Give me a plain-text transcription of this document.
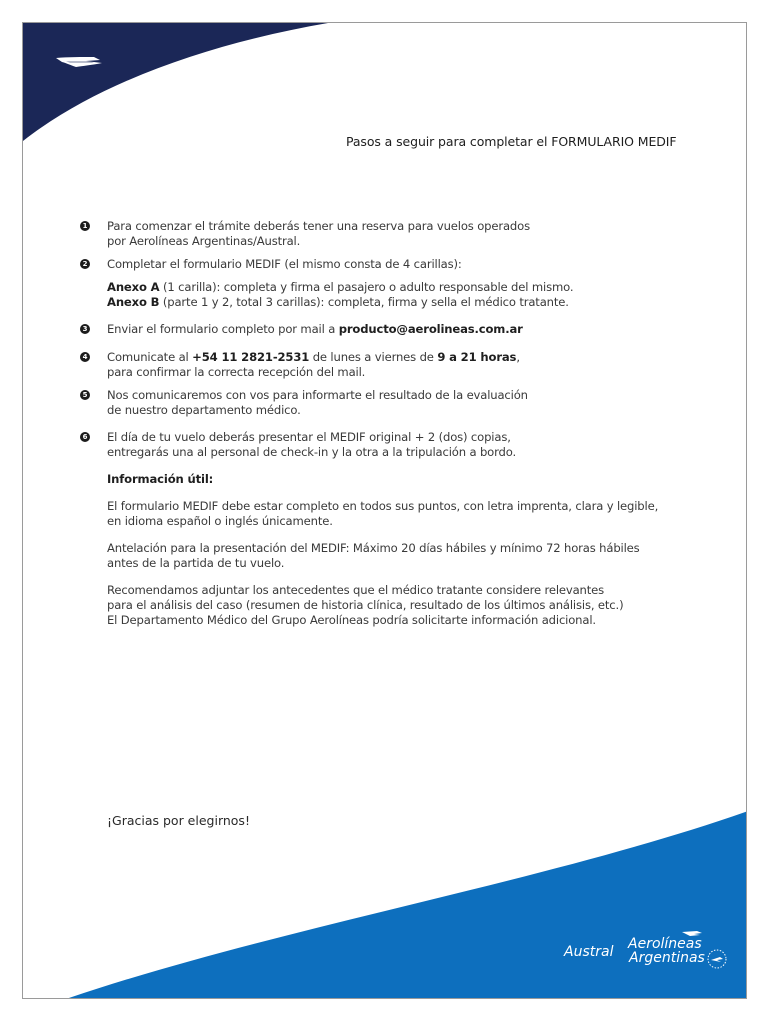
Pasos a seguir para completar el FORMULARIO MEDIF
1 Para comenzar el trámite deberás tener una reserva para vuelos operados
por Aerolíneas Argentinas/Austral.
2 Completar el formulario MEDIF (el mismo consta de 4 carillas):
Anexo A (1 carilla): completa y firma el pasajero o adulto responsable del mismo.
Anexo B (parte 1 y 2, total 3 carillas): completa, firma y sella el médico tratante.
3 Enviar el formulario completo por mail a producto@aerolineas.com.ar
4 Comunicate al +54 11 2821-2531 de lunes a viernes de 9 a 21 horas,
para confirmar la correcta recepción del mail.
5 Nos comunicaremos con vos para informarte el resultado de la evaluación
de nuestro departamento médico.
6 El día de tu vuelo deberás presentar el MEDIF original + 2 (dos) copias,
entregarás una al personal de check-in y la otra a la tripulación a bordo.
Información útil:
El formulario MEDIF debe estar completo en todos sus puntos, con letra imprenta, clara y legible,
en idioma español o inglés únicamente.
Antelación para la presentación del MEDIF: Máximo 20 días hábiles y mínimo 72 horas hábiles
antes de la partida de tu vuelo.
Recomendamos adjuntar los antecedentes que el médico tratante considere relevantes
para el análisis del caso (resumen de historia clínica, resultado de los últimos análisis, etc.)
El Departamento Médico del Grupo Aerolíneas podría solicitarte información adicional.
¡Gracias por elegirnos!
Austral Aerolíneas
Argentinas
